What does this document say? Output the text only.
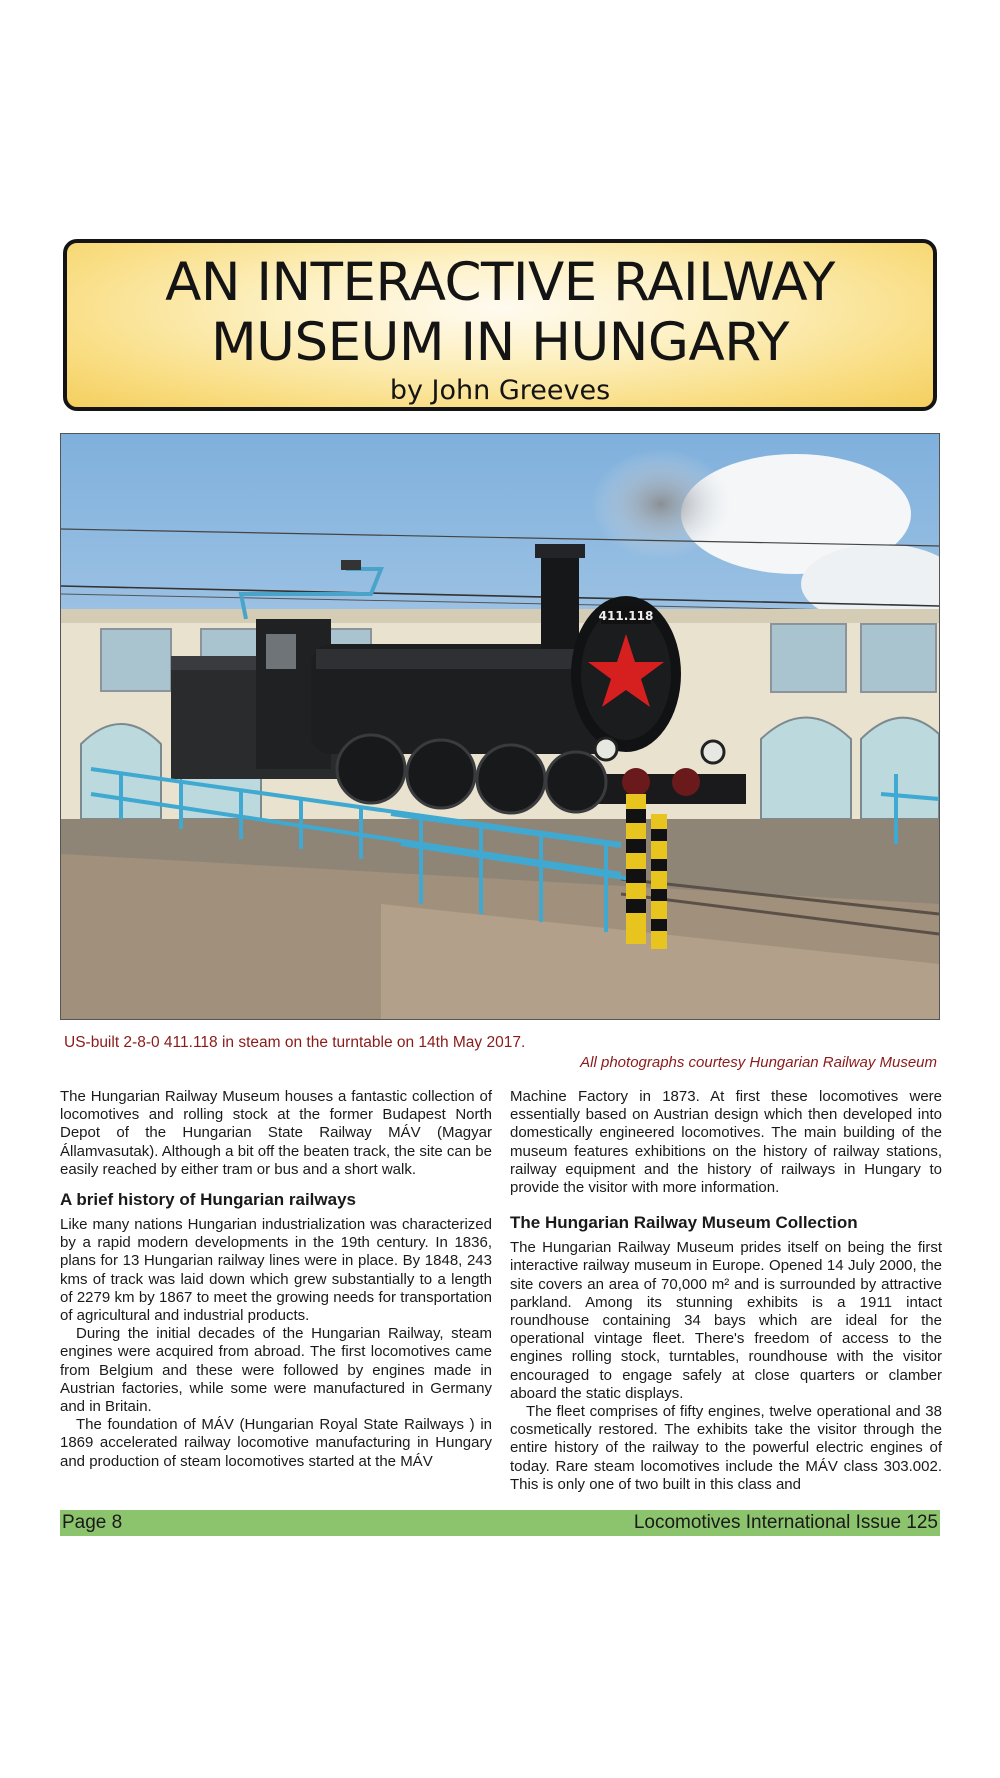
AN INTERACTIVE RAILWAY
MUSEUM IN HUNGARY
by John Greeves
411.118
US-built 2-8-0 411.118 in steam on the turntable on 14th May 2017.
All photographs courtesy Hungarian Railway Museum

The Hungarian Railway Museum houses a fantastic collection of locomotives and rolling stock at the former Budapest North Depot of the Hungarian State Railway MÁV (Magyar Államvasutak). Although a bit off the beaten track, the site can be easily reached by either tram or bus and a short walk.

A brief history of Hungarian railways

Like many nations Hungarian industrialization was characterized by a rapid modern developments in the 19th century. In 1836, plans for 13 Hungarian railway lines were in place. By 1848, 243 kms of track was laid down which grew substantially to a length of 2279 km by 1867 to meet the growing needs for transportation of agricultural and industrial products.

During the initial decades of the Hungarian Railway, steam engines were acquired from abroad. The first locomotives came from Belgium and these were followed by engines made in Austrian factories, while some were manufactured in Germany and in Britain.

The foundation of MÁV (Hungarian Royal State Railways ) in 1869 accelerated railway locomotive manufacturing in Hungary and production of steam locomotives started at the MÁV

Machine Factory in 1873. At first these locomotives were essentially based on Austrian design which then developed into domestically engineered locomotives. The main building of the museum features exhibitions on the history of railway stations, railway equipment and the history of railways in Hungary to provide the visitor with more information.

The Hungarian Railway Museum Collection

The Hungarian Railway Museum prides itself on being the first interactive railway museum in Europe. Opened 14 July 2000, the site covers an area of 70,000 m² and is surrounded by attractive parkland. Among its stunning exhibits is a 1911 intact roundhouse containing 34 bays which are ideal for the operational vintage fleet. There's freedom of access to the engines rolling stock, turntables, roundhouse with the visitor encouraged to engage safely at close quarters or clamber aboard the static displays.

The fleet comprises of fifty engines, twelve operational and 38 cosmetically restored. The exhibits take the visitor through the entire history of the railway to the powerful electric engines of today. Rare steam locomotives include the MÁV class 303.002. This is only one of two built in this class and

Page 8	Locomotives International Issue 125
